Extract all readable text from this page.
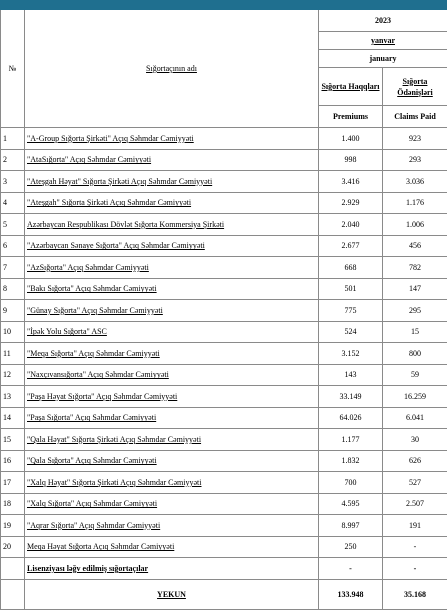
№	Sığortaçının adı	2023	
		yanvar	
		january	
		Sığorta Haqqları	Sığorta Ödənişləri
		Premiums	Claims Paid
1	"A-Group Sığorta Şirkəti" Açıq Səhmdar Cəmiyyəti	1.400	923
2	"AtaSığorta" Açıq Səhmdar Cəmiyyəti	998	293
3	"Ateşgah Həyat" Sığorta Şirkəti Açıq Səhmdar Cəmiyyəti	3.416	3.036
4	"Ateşgah" Sığorta Şirkəti Açıq Səhmdar Cəmiyyəti	2.929	1.176
5	Azərbaycan Respublikası Dövlət Sığorta Kommersiya Şirkəti	2.040	1.006
6	"Azərbaycan Sənaye Sığorta" Açıq Səhmdar Cəmiyyəti	2.677	456
7	"AzSığorta" Açıq Səhmdar Cəmiyyəti	668	782
8	"Bakı Sığorta" Açıq Səhmdar Cəmiyyəti	501	147
9	"Günay Sığorta" Açıq Səhmdar Cəmiyyəti	775	295
10	"İpək Yolu Sığorta" ASC	524	15
11	"Meqa Sığorta" Açıq Səhmdar Cəmiyyəti	3.152	800
12	"Naxçıvansığorta" Açıq Səhmdar Cəmiyyəti	143	59
13	"Paşa Həyat Sığorta" Açıq Səhmdar Cəmiyyəti	33.149	16.259
14	"Paşa Sığorta" Açıq Səhmdar Cəmiyyəti	64.026	6.041
15	"Qala Həyat" Sığorta Şirkəti Açıq Səhmdar Cəmiyyəti	1.177	30
16	"Qala Sığorta" Açıq Səhmdar Cəmiyyəti	1.832	626
17	"Xalq Həyat" Sığorta Şirkəti Açıq Səhmdar Cəmiyyəti	700	527
18	"Xalq Sığorta" Açıq Səhmdar Cəmiyyəti	4.595	2.507
19	"Aqrar Sığorta" Açıq Səhmdar Cəmiyyəti	8.997	191
20	Meqa Həyat Sığorta Açıq Səhmdar Cəmiyyəti	250	-
	Lisenziyası ləğv edilmiş sığortaçılar	-	-
	YEKUN	133.948	35.168
